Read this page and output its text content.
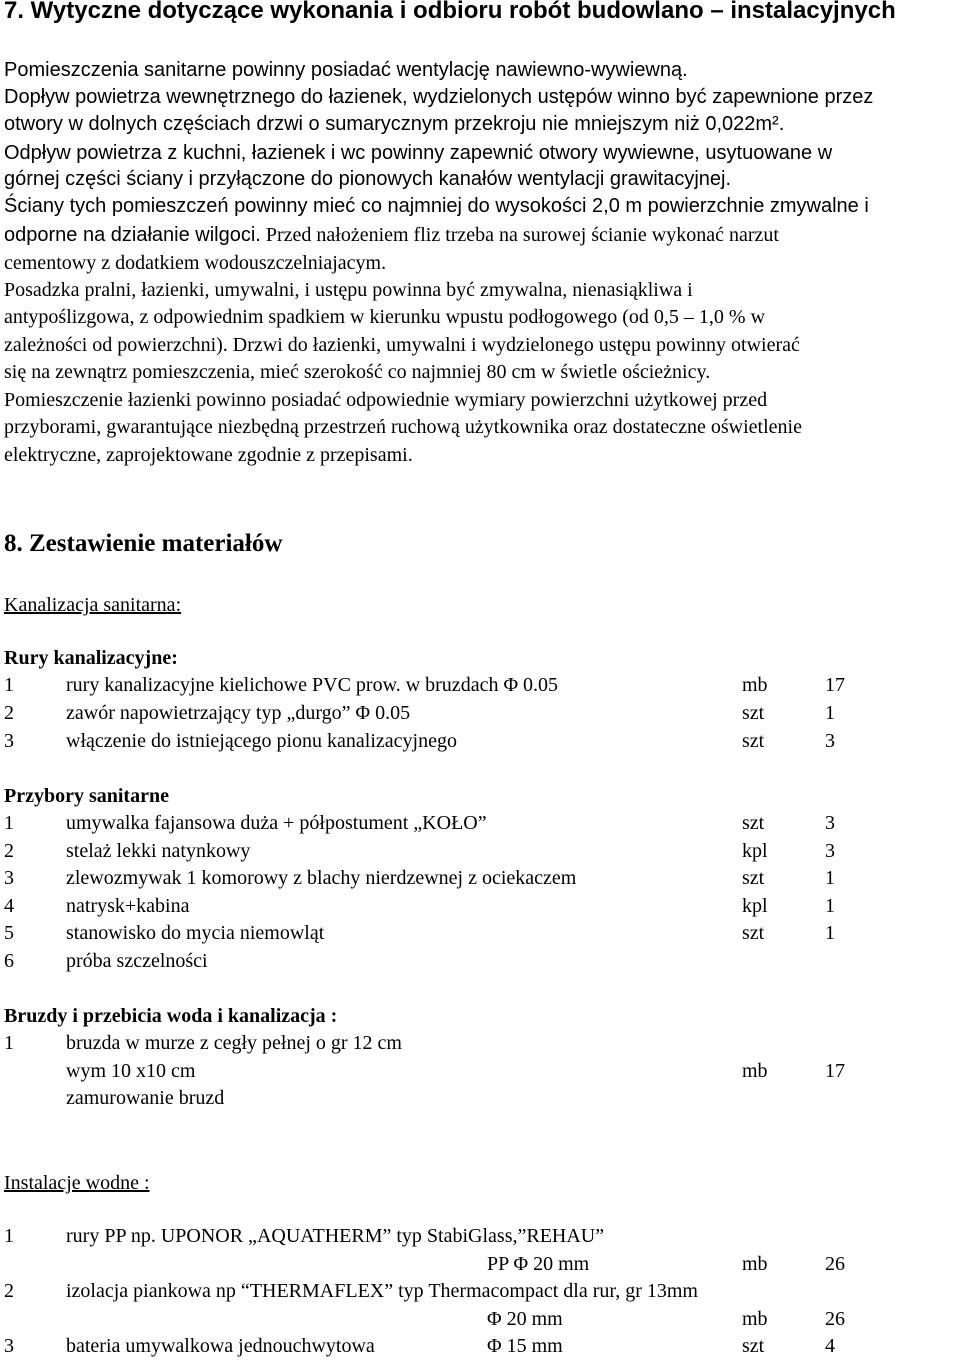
7. Wytyczne dotyczące wykonania i odbioru robót budowlano – instalacyjnych
Pomieszczenia sanitarne powinny posiadać wentylację nawiewno-wywiewną.
Dopływ powietrza wewnętrznego do łazienek, wydzielonych ustępów winno być zapewnione przez
otwory w dolnych częściach drzwi o sumarycznym przekroju nie mniejszym niż 0,022m².
Odpływ powietrza z kuchni, łazienek i wc powinny zapewnić otwory wywiewne, usytuowane w
górnej części ściany i przyłączone do pionowych kanałów wentylacji grawitacyjnej.
Ściany tych pomieszczeń powinny mieć co najmniej do wysokości 2,0 m powierzchnie zmywalne i
odporne na działanie wilgoci. Przed nałożeniem fliz trzeba na surowej ścianie wykonać narzut
cementowy z dodatkiem wodouszczelniajacym.
Posadzka pralni, łazienki, umywalni, i ustępu powinna być zmywalna, nienasiąkliwa i
antypoślizgowa, z odpowiednim spadkiem w kierunku wpustu podłogowego (od 0,5 – 1,0 % w
zależności od powierzchni). Drzwi do łazienki, umywalni i wydzielonego ustępu powinny otwierać
się na zewnątrz pomieszczenia, mieć szerokość co najmniej 80 cm w świetle ościeżnicy.
Pomieszczenie łazienki powinno posiadać odpowiednie wymiary powierzchni użytkowej przed
przyborami, gwarantujące niezbędną przestrzeń ruchową użytkownika oraz dostateczne oświetlenie
elektryczne, zaprojektowane zgodnie z przepisami.
8. Zestawienie materiałów
Kanalizacja sanitarna:
Rury kanalizacyjne:
1	rury kanalizacyjne kielichowe PVC prow. w bruzdach Φ 0.05	mb	17
2	zawór napowietrzający typ „durgo” Φ 0.05	szt	1
3	włączenie do istniejącego pionu kanalizacyjnego	szt	3
Przybory sanitarne
1	umywalka fajansowa duża + półpostument „KOŁO”	szt	3
2	stelaż lekki natynkowy	kpl	3
3	zlewozmywak 1 komorowy z blachy nierdzewnej z ociekaczem	szt	1
4	natrysk+kabina	kpl	1
5	stanowisko do mycia niemowląt	szt	1
6	próba szczelności
Bruzdy i przebicia woda i kanalizacja :
1	bruzda w murze z cegły pełnej o gr 12 cm
wym 10 x10 cm	mb	17
zamurowanie bruzd
Instalacje wodne :
1	rury PP np. UPONOR „AQUATHERM” typ StabiGlass,”REHAU”
PP Φ 20 mm	mb	26
2	izolacja piankowa np “THERMAFLEX” typ Thermacompact dla rur, gr 13mm
Φ 20 mm	mb	26
3	bateria umywalkowa jednouchwytowa	Φ 15 mm	szt	4
